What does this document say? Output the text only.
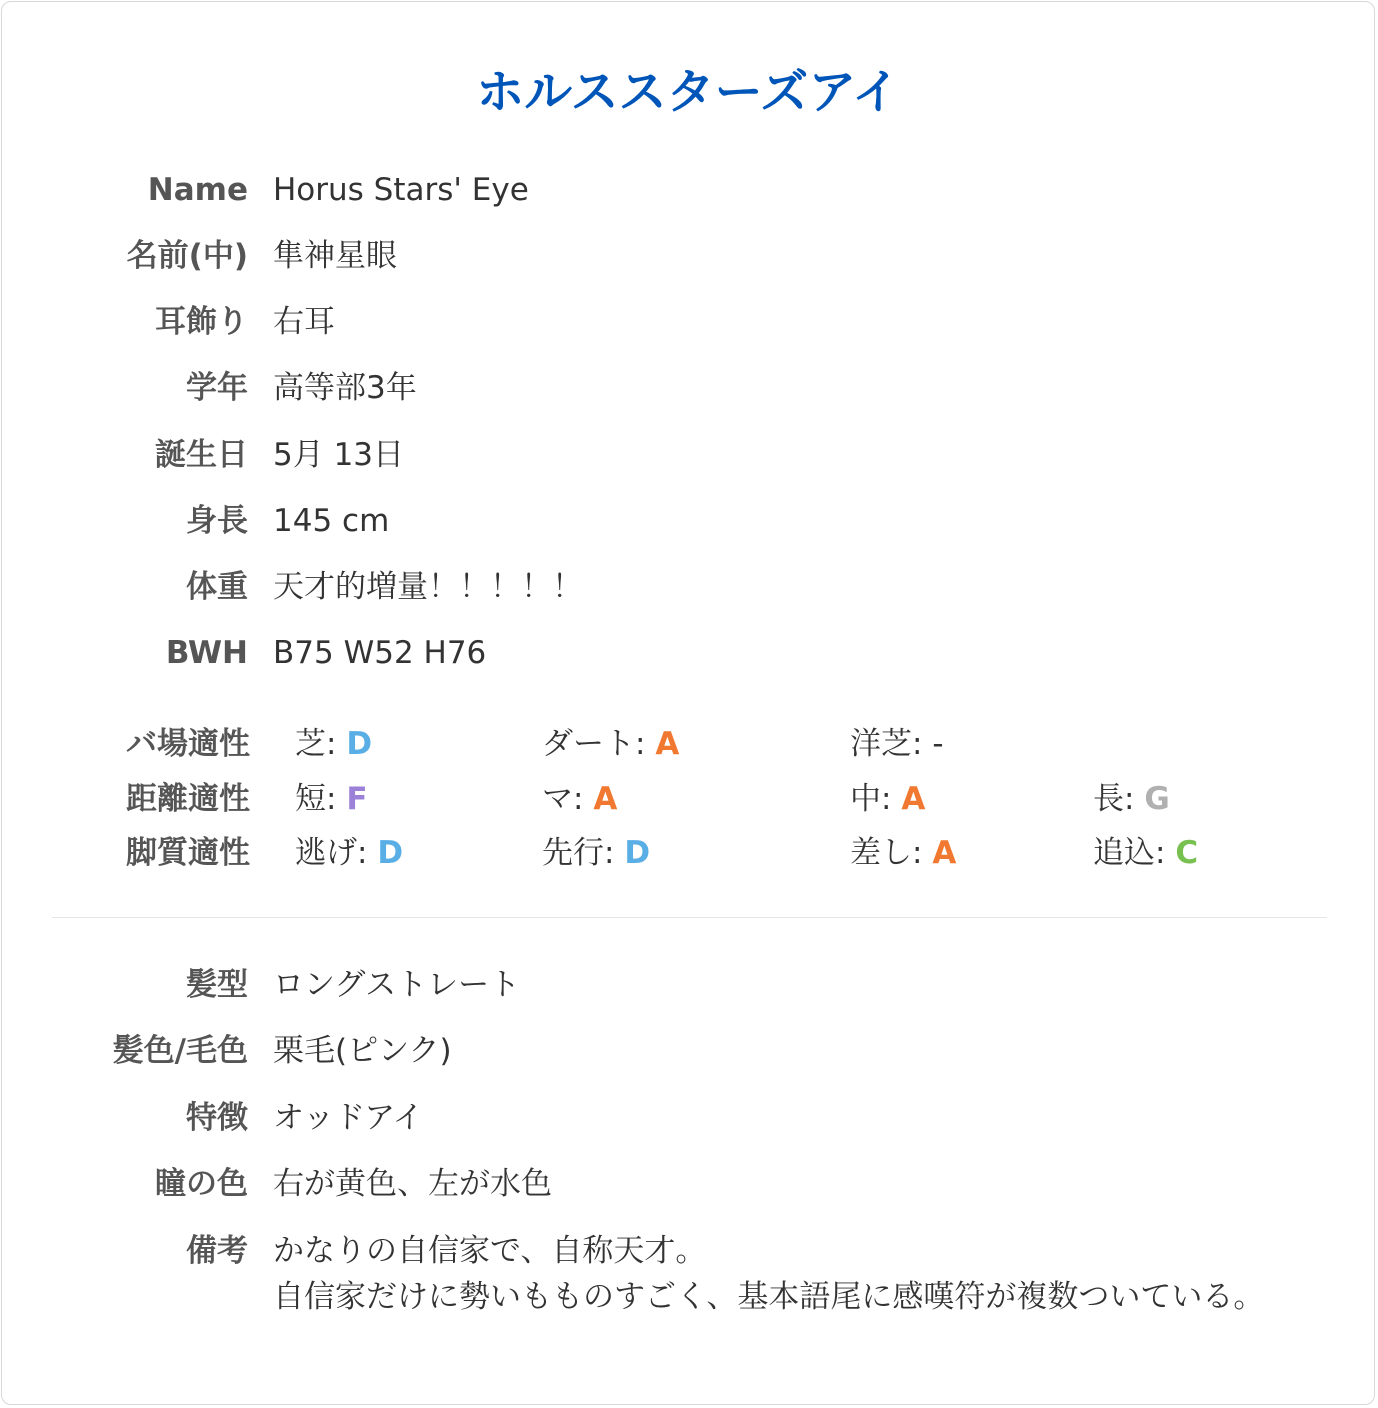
ホルススターズアイ
Name Horus Stars' Eye
名前(中) 隼神星眼
耳飾り 右耳
学年 高等部3年
誕生日 5月 13日
身長 145 cm
体重 天才的増量！！！！！
BWH B75 W52 H76
バ場適性 芝: D	ダート: A	洋芝: -
距離適性 短: F	マ: A	中: A	長: G
脚質適性 逃げ: D	先行: D	差し: A	追込: C
髪型 ロングストレート
髪色/毛色 栗毛(ピンク)
特徴 オッドアイ
瞳の色 右が黄色、左が水色
備考 かなりの自信家で、自称天才。
自信家だけに勢いもものすごく、基本語尾に感嘆符が複数ついている。
